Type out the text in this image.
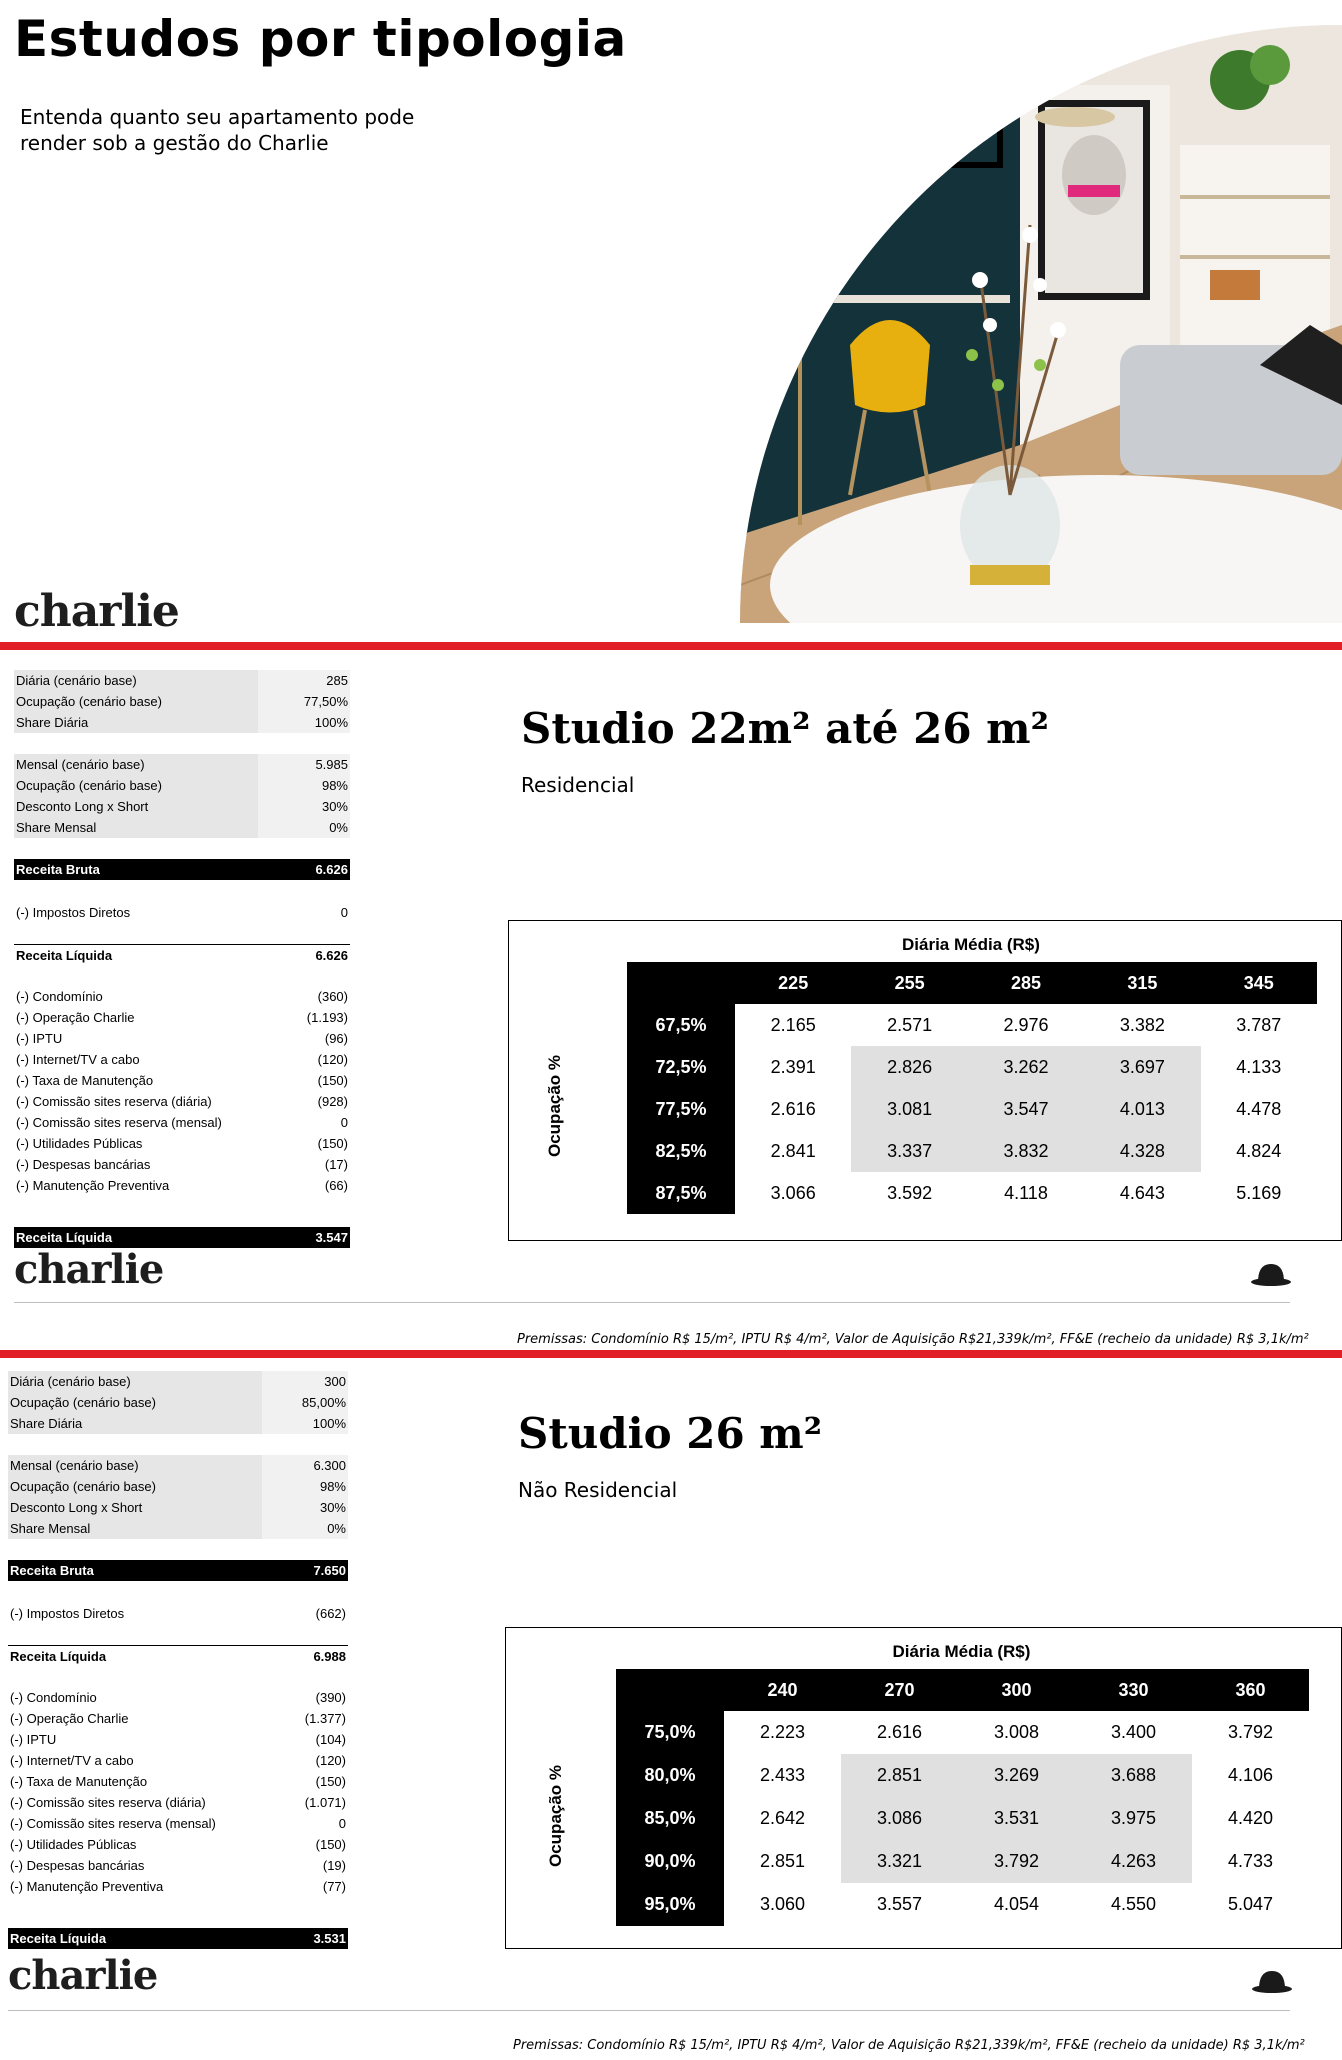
Estudos por tipologia
Entenda quanto seu apartamento pode render sob a gestão do Charlie
charlie
Diária (cenário base)	285
Ocupação (cenário base)	77,50%
Share Diária	100%
Mensal (cenário base)	5.985
Ocupação (cenário base)	98%
Desconto Long x Short	30%
Share Mensal	0%
Receita Bruta	6.626
(-) Impostos Diretos	0
Receita Líquida	6.626
(-) Condomínio	(360)
(-) Operação Charlie	(1.193)
(-) IPTU	(96)
(-) Internet/TV a cabo	(120)
(-) Taxa de Manutenção	(150)
(-) Comissão sites reserva (diária)	(928)
(-) Comissão sites reserva (mensal)	0
(-) Utilidades Públicas	(150)
(-) Despesas bancárias	(17)
(-) Manutenção Preventiva	(66)
Receita Líquida	3.547
Studio 22m² até 26 m²
Residencial
Diária Média (R$)
Ocupação %
225	255	285	315	345
67,5%	2.165	2.571	2.976	3.382	3.787
72,5%	2.391	2.826	3.262	3.697	4.133
77,5%	2.616	3.081	3.547	4.013	4.478
82,5%	2.841	3.337	3.832	4.328	4.824
87,5%	3.066	3.592	4.118	4.643	5.169
charlie
Premissas: Condomínio R$ 15/m², IPTU R$ 4/m², Valor de Aquisição R$21,339k/m², FF&E (recheio da unidade) R$ 3,1k/m²
Diária (cenário base)	300
Ocupação (cenário base)	85,00%
Share Diária	100%
Mensal (cenário base)	6.300
Ocupação (cenário base)	98%
Desconto Long x Short	30%
Share Mensal	0%
Receita Bruta	7.650
(-) Impostos Diretos	(662)
Receita Líquida	6.988
(-) Condomínio	(390)
(-) Operação Charlie	(1.377)
(-) IPTU	(104)
(-) Internet/TV a cabo	(120)
(-) Taxa de Manutenção	(150)
(-) Comissão sites reserva (diária)	(1.071)
(-) Comissão sites reserva (mensal)	0
(-) Utilidades Públicas	(150)
(-) Despesas bancárias	(19)
(-) Manutenção Preventiva	(77)
Receita Líquida	3.531
Studio 26 m²
Não Residencial
Diária Média (R$)
Ocupação %
240	270	300	330	360
75,0%	2.223	2.616	3.008	3.400	3.792
80,0%	2.433	2.851	3.269	3.688	4.106
85,0%	2.642	3.086	3.531	3.975	4.420
90,0%	2.851	3.321	3.792	4.263	4.733
95,0%	3.060	3.557	4.054	4.550	5.047
charlie
Premissas: Condomínio R$ 15/m², IPTU R$ 4/m², Valor de Aquisição R$21,339k/m², FF&E (recheio da unidade) R$ 3,1k/m²
